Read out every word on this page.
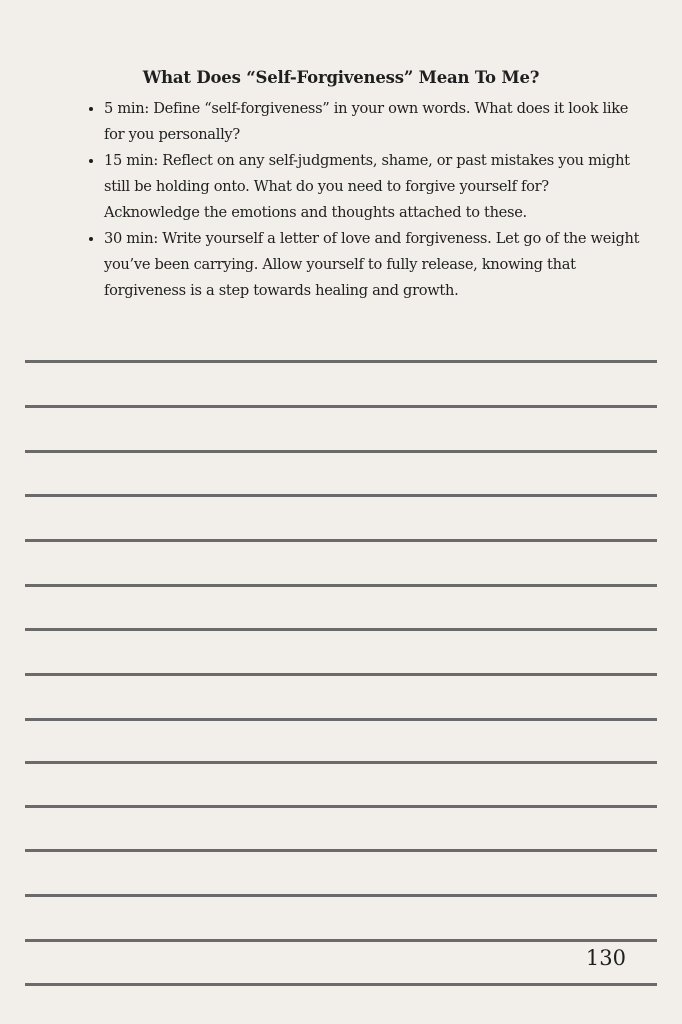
What Does “Self-Forgiveness” Mean To Me?
• 5 min: Define “self-forgiveness” in your own words. What does it look like for you personally?
• 15 min: Reflect on any self-judgments, shame, or past mistakes you might still be holding onto. What do you need to forgive yourself for? Acknowledge the emotions and thoughts attached to these.
• 30 min: Write yourself a letter of love and forgiveness. Let go of the weight you’ve been carrying. Allow yourself to fully release, knowing that forgiveness is a step towards healing and growth.
130
